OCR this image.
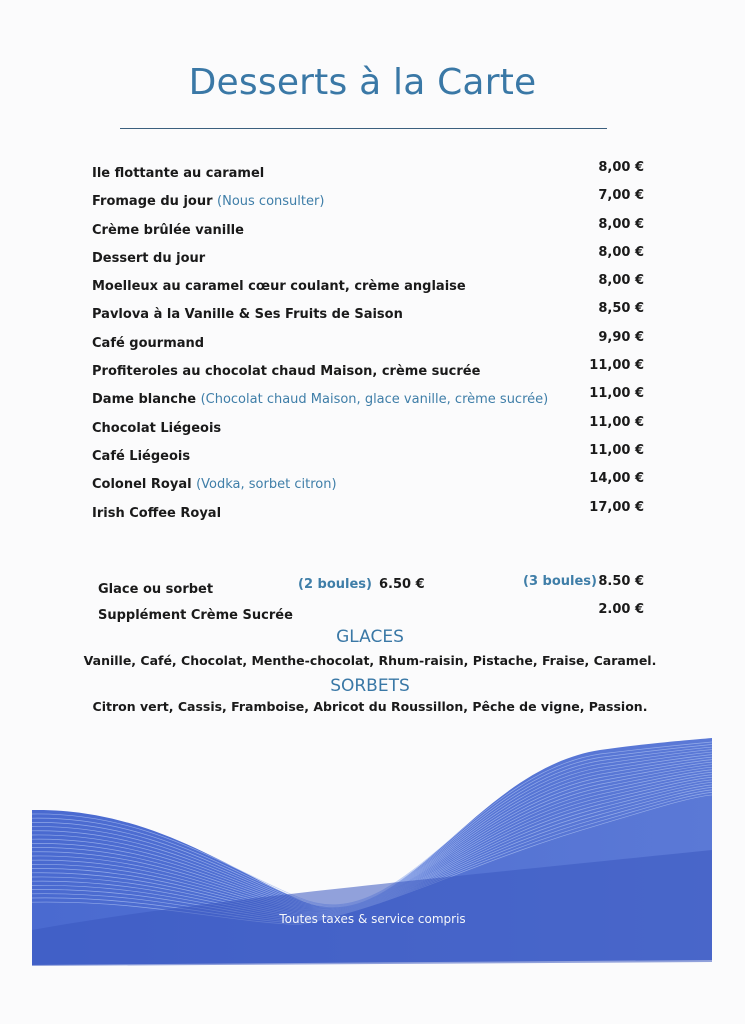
Desserts à la Carte
Ile flottante au caramel	8,00 €
Fromage du jour (Nous consulter)	7,00 €
Crème brûlée vanille	8,00 €
Dessert du jour	8,00 €
Moelleux au caramel cœur coulant, crème anglaise	8,00 €
Pavlova à la Vanille & Ses Fruits de Saison	8,50 €
Café gourmand	9,90 €
Profiteroles au chocolat chaud Maison, crème sucrée	11,00 €
Dame blanche (Chocolat chaud Maison, glace vanille, crème sucrée)	11,00 €
Chocolat Liégeois	11,00 €
Café Liégeois	11,00 €
Colonel Royal (Vodka, sorbet citron)	14,00 €
Irish Coffee Royal	17,00 €
Glace ou sorbet	(2 boules) 6.50 €	(3 boules) 8.50 €
Supplément Crème Sucrée	2.00 €
GLACES
Vanille, Café, Chocolat, Menthe-chocolat, Rhum-raisin, Pistache, Fraise, Caramel.
SORBETS
Citron vert, Cassis, Framboise, Abricot du Roussillon, Pêche de vigne, Passion.
Toutes taxes & service compris
